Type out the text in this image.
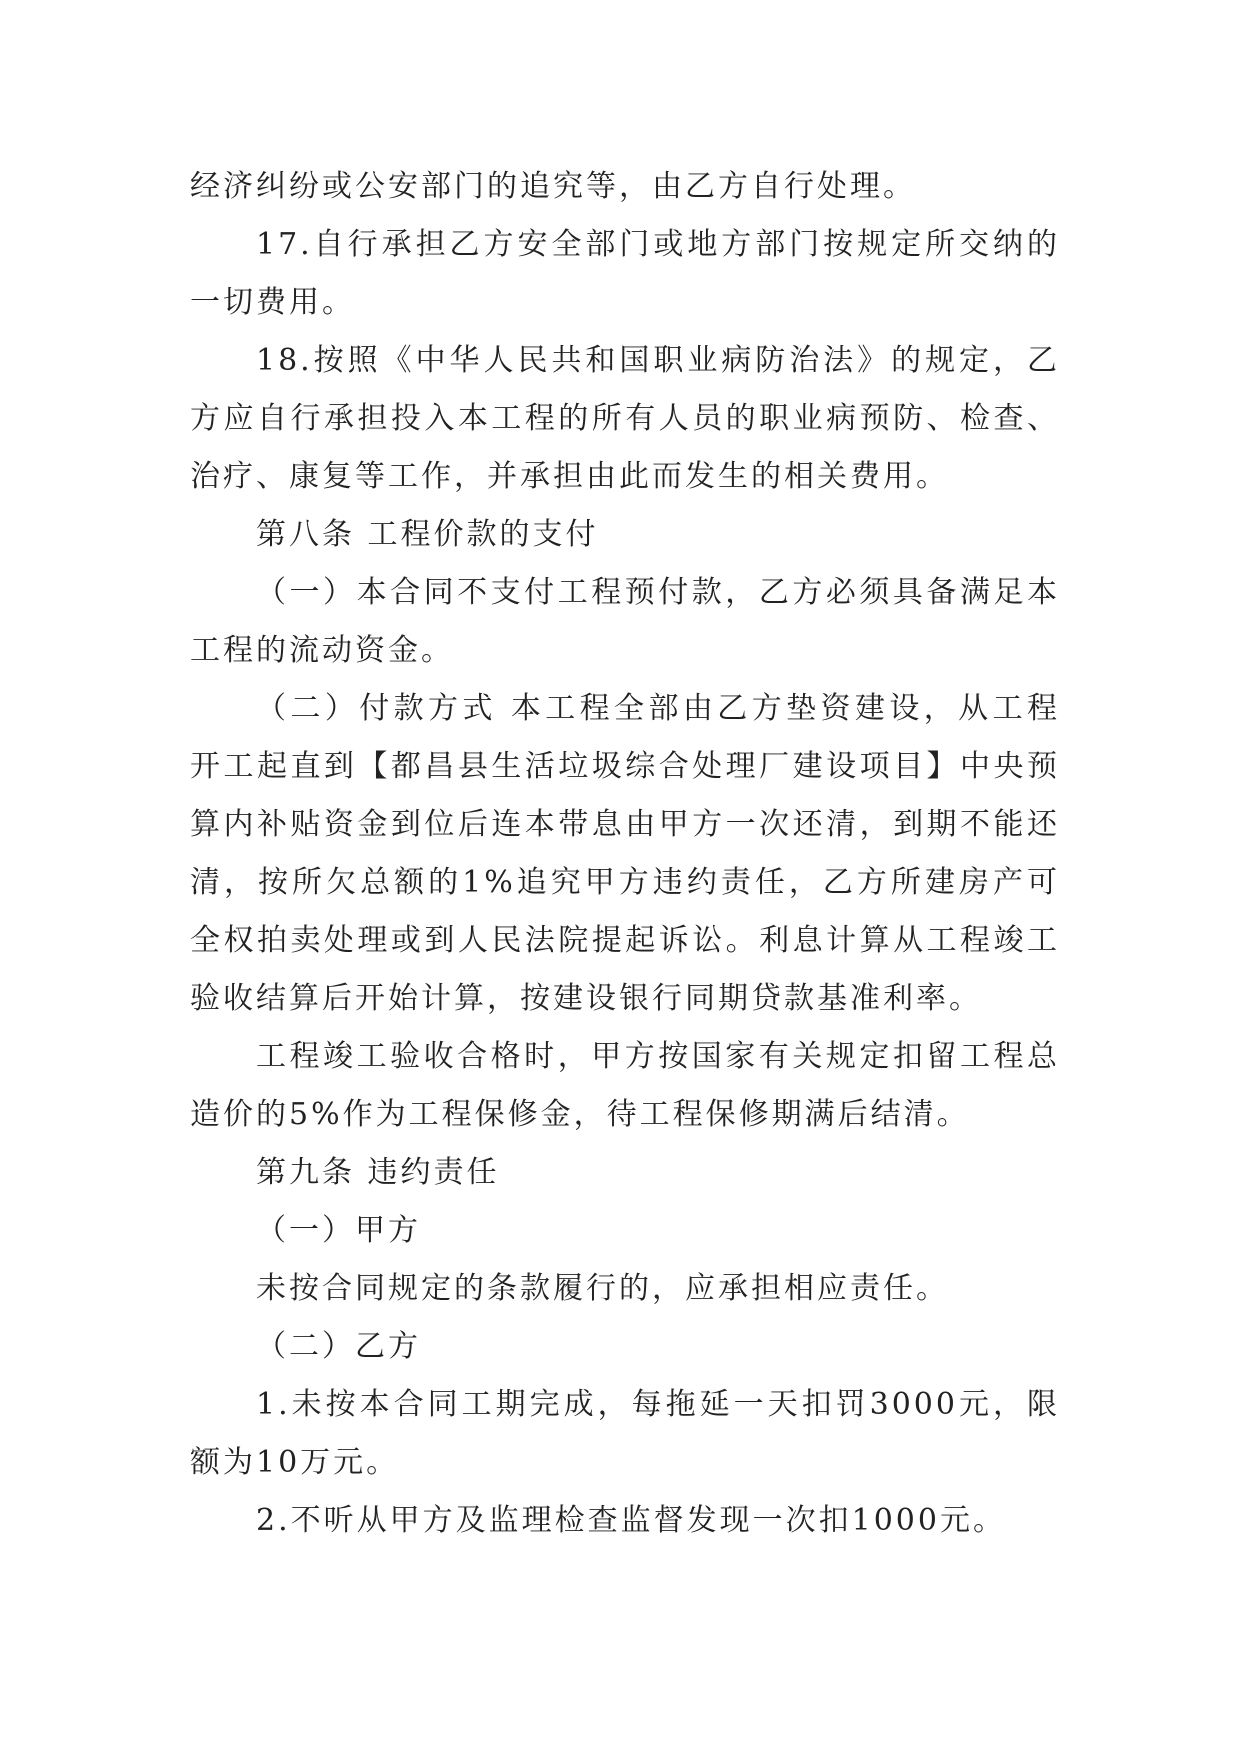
经济纠纷或公安部门的追究等，由乙方自行处理。

17.自行承担乙方安全部门或地方部门按规定所交纳的一切费用。

18.按照《中华人民共和国职业病防治法》的规定，乙方应自行承担投入本工程的所有人员的职业病预防、检查、治疗、康复等工作，并承担由此而发生的相关费用。

第八条 工程价款的支付

（一）本合同不支付工程预付款，乙方必须具备满足本工程的流动资金。

（二）付款方式 本工程全部由乙方垫资建设，从工程开工起直到【都昌县生活垃圾综合处理厂建设项目】中央预算内补贴资金到位后连本带息由甲方一次还清，到期不能还清，按所欠总额的1%追究甲方违约责任，乙方所建房产可全权拍卖处理或到人民法院提起诉讼。利息计算从工程竣工验收结算后开始计算，按建设银行同期贷款基准利率。

工程竣工验收合格时，甲方按国家有关规定扣留工程总造价的5%作为工程保修金，待工程保修期满后结清。

第九条 违约责任

（一）甲方

未按合同规定的条款履行的，应承担相应责任。

（二）乙方

1.未按本合同工期完成，每拖延一天扣罚3000元，限额为10万元。

2.不听从甲方及监理检查监督发现一次扣1000元。
